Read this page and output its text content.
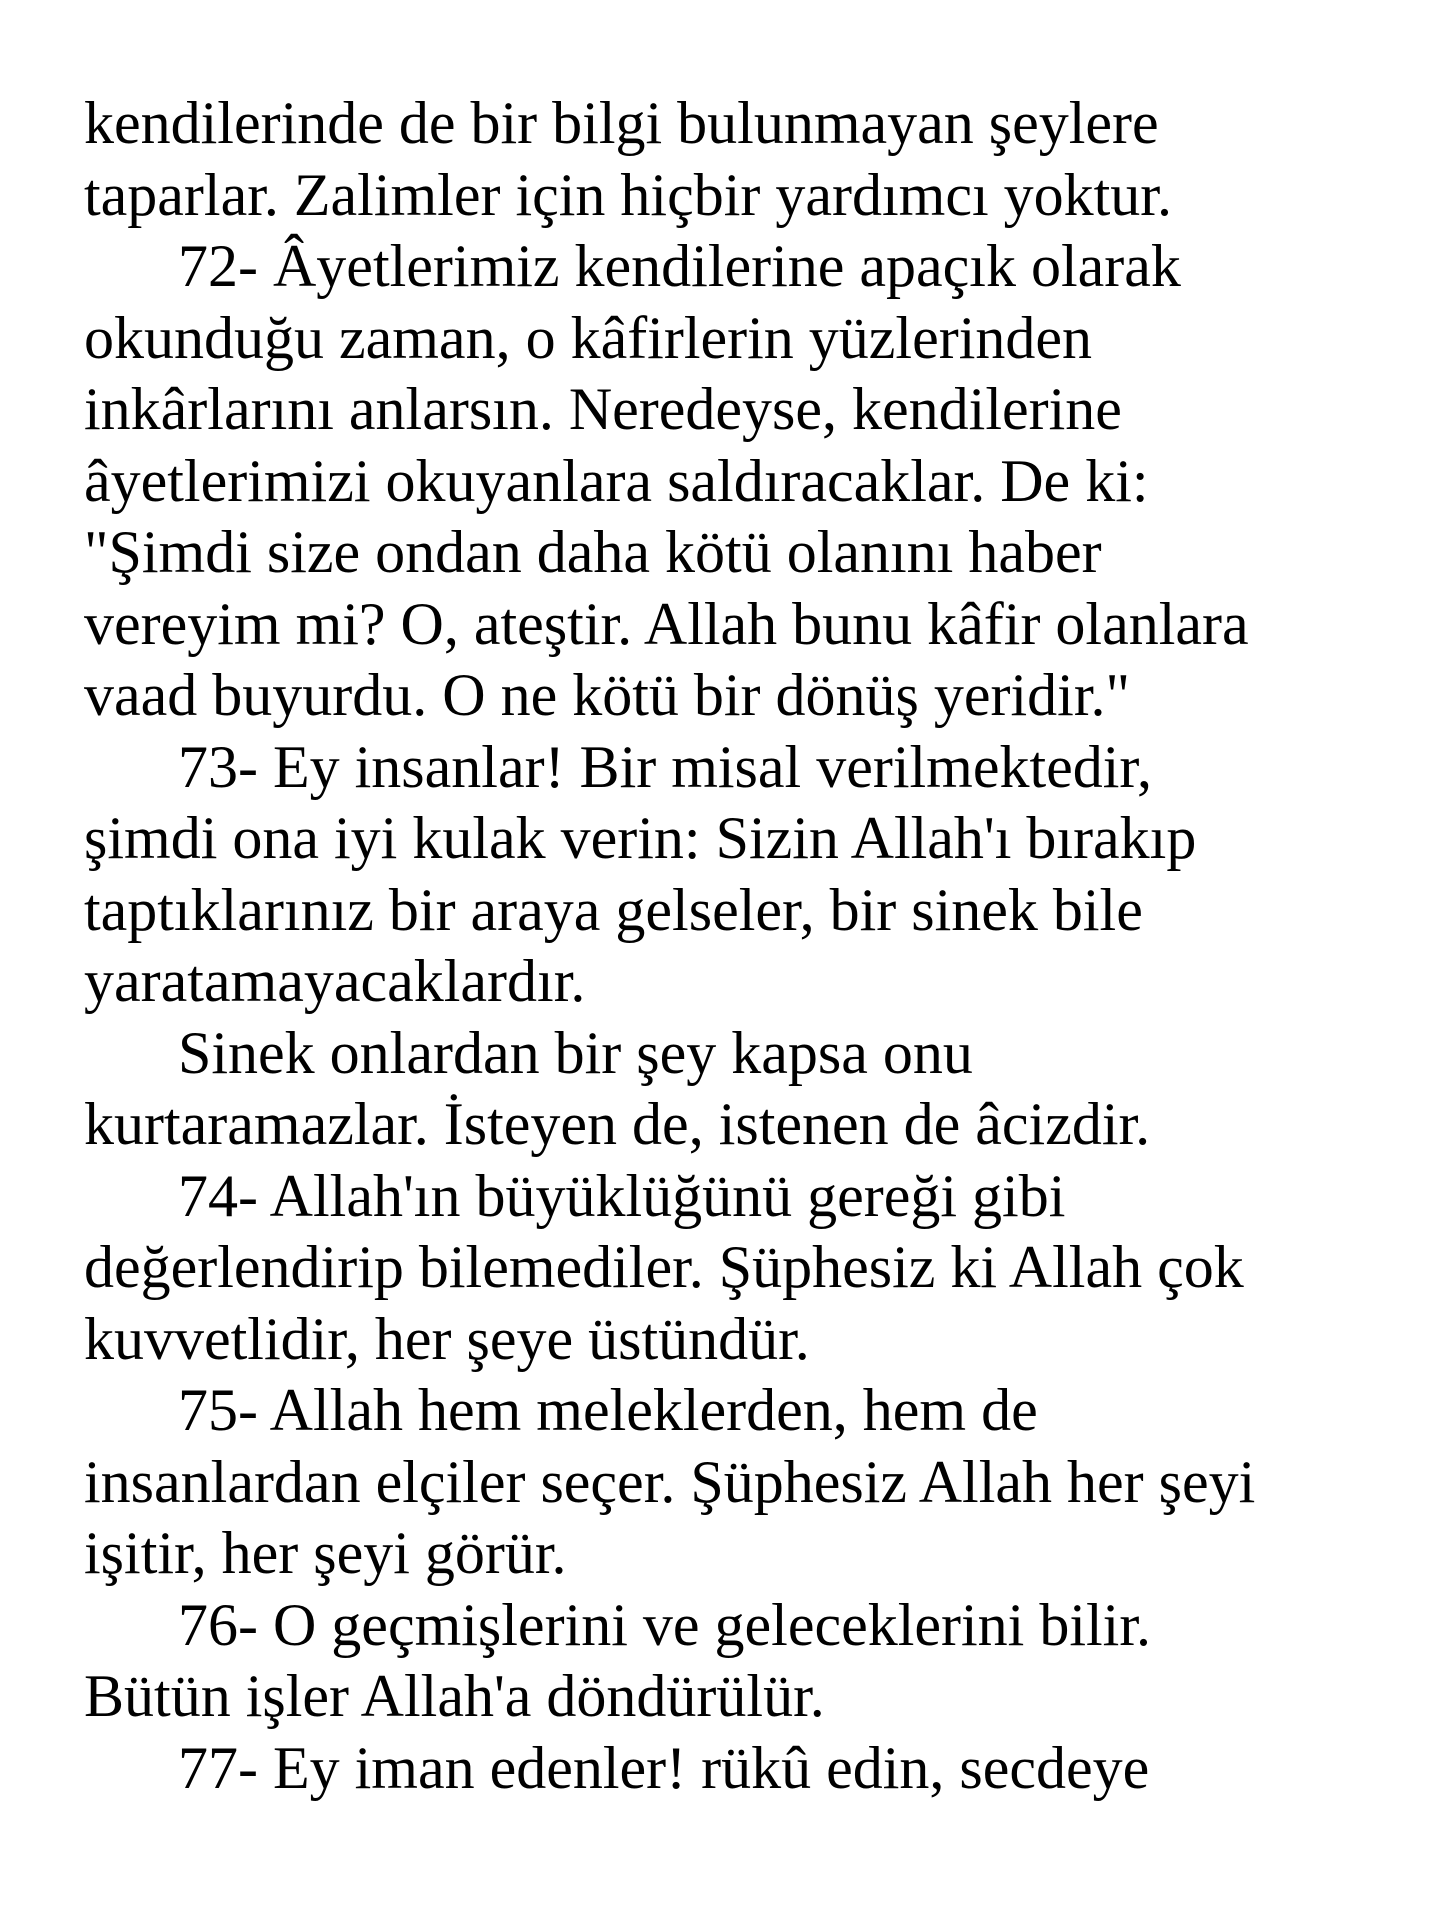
kendilerinde de bir bilgi bulunmayan şeylere
taparlar. Zalimler için hiçbir yardımcı yoktur.
72- Âyetlerimiz kendilerine apaçık olarak
okunduğu zaman, o kâfirlerin yüzlerinden
inkârlarını anlarsın. Neredeyse, kendilerine
âyetlerimizi okuyanlara saldıracaklar. De ki:
"Şimdi size ondan daha kötü olanını haber
vereyim mi? O, ateştir. Allah bunu kâfir olanlara
vaad buyurdu. O ne kötü bir dönüş yeridir."
73- Ey insanlar! Bir misal verilmektedir,
şimdi ona iyi kulak verin: Sizin Allah'ı bırakıp
taptıklarınız bir araya gelseler, bir sinek bile
yaratamayacaklardır.
Sinek onlardan bir şey kapsa onu
kurtaramazlar. İsteyen de, istenen de âcizdir.
74- Allah'ın büyüklüğünü gereği gibi
değerlendirip bilemediler. Şüphesiz ki Allah çok
kuvvetlidir, her şeye üstündür.
75- Allah hem meleklerden, hem de
insanlardan elçiler seçer. Şüphesiz Allah her şeyi
işitir, her şeyi görür.
76- O geçmişlerini ve geleceklerini bilir.
Bütün işler Allah'a döndürülür.
77- Ey iman edenler! rükû edin, secdeye
